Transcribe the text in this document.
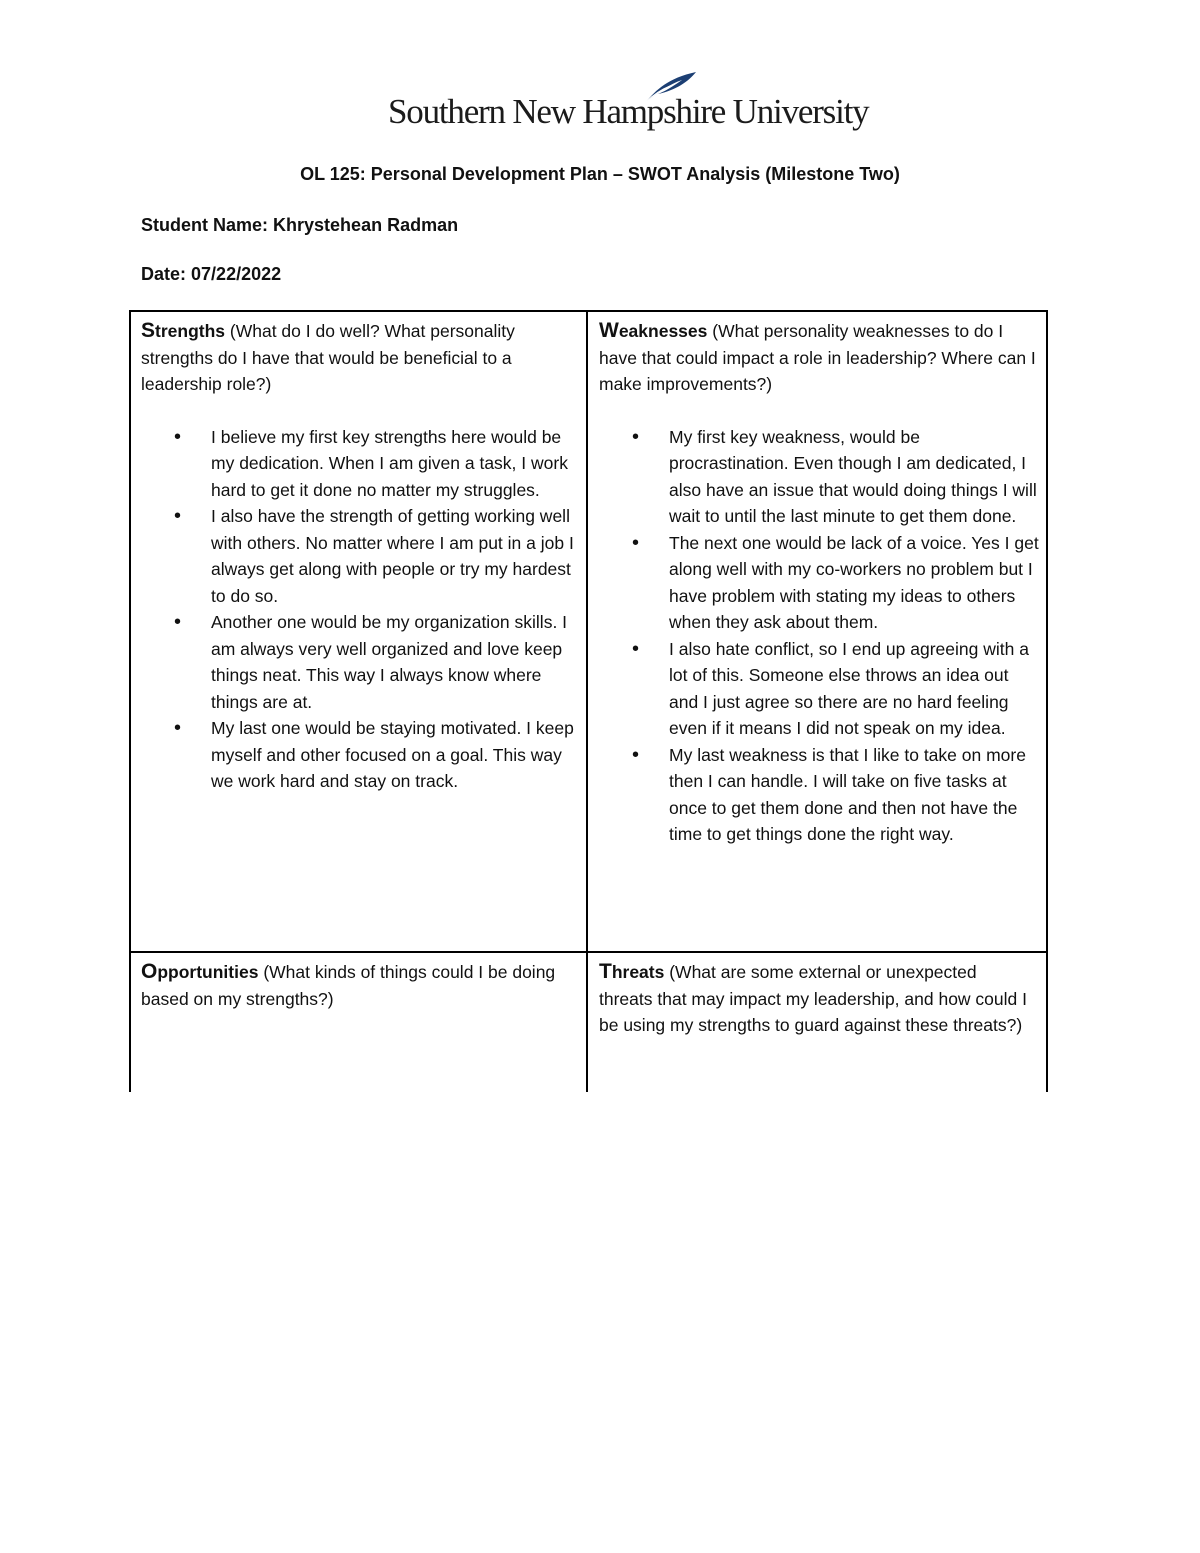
Southern New Hampshire University
OL 125: Personal Development Plan – SWOT Analysis (Milestone Two)
Student Name: Khrystehean Radman
Date: 07/22/2022

Strengths (What do I do well? What personality strengths do I have that would be beneficial to a leadership role?)

• I believe my first key strengths here would be my dedication. When I am given a task, I work hard to get it done no matter my struggles.
• I also have the strength of getting working well with others. No matter where I am put in a job I always get along with people or try my hardest to do so.
• Another one would be my organization skills. I am always very well organized and love keep things neat. This way I always know where things are at.
• My last one would be staying motivated. I keep myself and other focused on a goal. This way we work hard and stay on track.

Weaknesses (What personality weaknesses to do I have that could impact a role in leadership? Where can I make improvements?)

• My first key weakness, would be procrastination. Even though I am dedicated, I also have an issue that would doing things I will wait to until the last minute to get them done.
• The next one would be lack of a voice. Yes I get along well with my co-workers no problem but I have problem with stating my ideas to others when they ask about them.
• I also hate conflict, so I end up agreeing with a lot of this. Someone else throws an idea out and I just agree so there are no hard feeling even if it means I did not speak on my idea.
• My last weakness is that I like to take on more then I can handle. I will take on five tasks at once to get them done and then not have the time to get things done the right way.

Opportunities (What kinds of things could I be doing based on my strengths?)

Threats (What are some external or unexpected threats that may impact my leadership, and how could I be using my strengths to guard against these threats?)
